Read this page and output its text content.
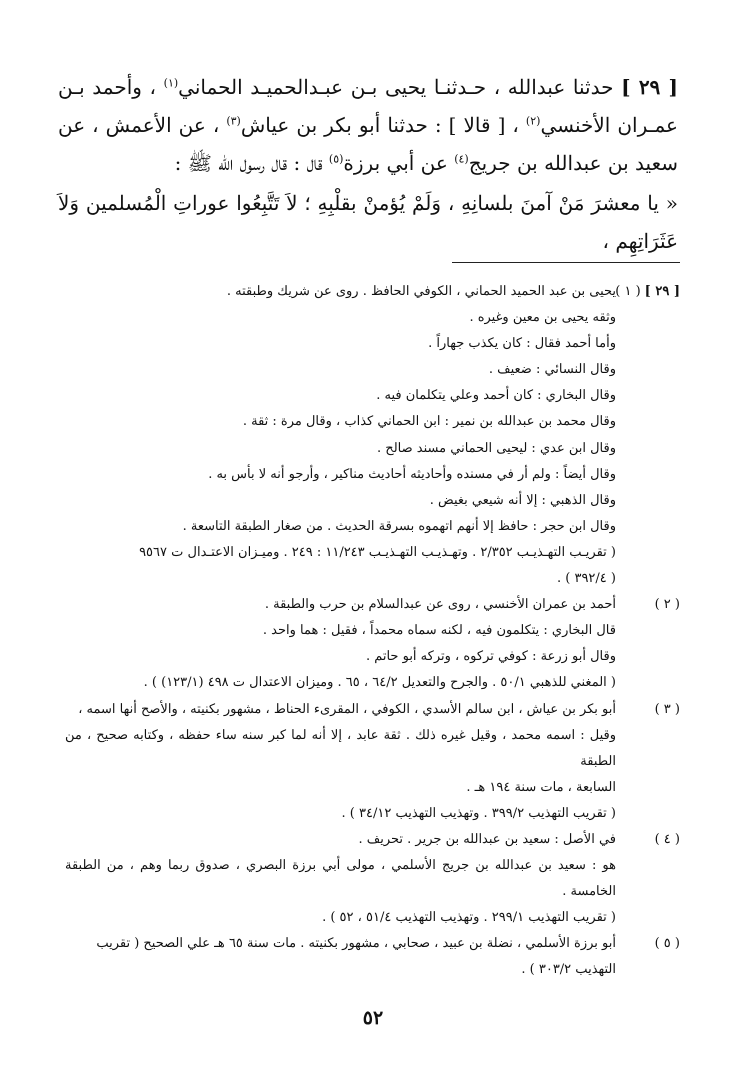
[ ٢٩ ] حدثنا عبدالله ، حـدثنـا يحيى بـن عبـدالحميـد الحماني$^{(١)}$ ، وأحمد بـن عمـران الأخنسي$^{(٢)}$ ، [ قالا ] : حدثنا أبو بكر بن عياش$^{(٣)}$ ، عن الأعمش ، عن سعيد بن عبدالله بن جريج$^{(٤)}$ عن أبي برزة$^{(٥)}$ قال : قال رسول الله ﷺ :

« يا معشرَ مَنْ آمنَ بلسانِهِ ، وَلَمْ يُؤمنْ بقلْبِهِ ؛ لاَ تَتَّبِعُوا عوراتِ الْمُسلمين وَلاَ عَثَرَاتِهِم ،

[ ٢٩ ]( ١ )
يحيى بن عبد الحميد الحماني ، الكوفي الحافظ . روى عن شريك وطبقته .
وثقه يحيى بن معين وغيره .
وأما أحمد فقال : كان يكذب جهاراً .
وقال النسائي : ضعيف .
وقال البخاري : كان أحمد وعلي يتكلمان فيه .
وقال محمد بن عبدالله بن نمير : ابن الحماني كذاب ، وقال مرة : ثقة .
وقال ابن عدي : ليحيى الحماني مسند صالح .
وقال أيضاً : ولم أر في مسنده وأحاديثه أحاديث مناكير ، وأرجو أنه لا بأس به .
وقال الذهبي : إلا أنه شيعي بغيض .
وقال ابن حجر : حافظ إلا أنهم اتهموه بسرقة الحديث . من صغار الطبقة التاسعة .
( تقريـب التهـذيـب ٢/٣٥٢ . وتهـذيـب التهـذيـب ١١/٢٤٣ : ٢٤٩ . وميـزان الاعتـدال ت ٩٥٦٧
( ٣٩٢/٤ ) .
( ٢ )
أحمد بن عمران الأخنسي ، روى عن عبدالسلام بن حرب والطبقة .
قال البخاري : يتكلمون فيه ، لكنه سماه محمداً ، فقيل : هما واحد .
وقال أبو زرعة : كوفي تركوه ، وتركه أبو حاتم .
( المغني للذهبي ٥٠/١ . والجرح والتعديل ٦٤/٢ ، ٦٥ . وميزان الاعتدال ت ٤٩٨ (١٢٣/١) ) .
( ٣ )
أبو بكر بن عياش ، ابن سالم الأسدي ، الكوفي ، المقرىء الحناط ، مشهور بكنيته ، والأصح أنها اسمه ،
وقيل : اسمه محمد ، وقيل غيره ذلك . ثقة عابد ، إلا أنه لما كبر سنه ساء حفظه ، وكتابه صحيح ، من الطبقة
السابعة ، مات سنة ١٩٤ هـ .
( تقريب التهذيب ٣٩٩/٢ . وتهذيب التهذيب ٣٤/١٢ ) .
( ٤ )
في الأصل : سعيد بن عبدالله بن جرير . تحريف .
هو : سعيد بن عبدالله بن جريج الأسلمي ، مولى أبي برزة البصري ، صدوق ربما وهم ، من الطبقة الخامسة .
( تقريب التهذيب ٢٩٩/١ . وتهذيب التهذيب ٥١/٤ ، ٥٢ ) .
( ٥ )
أبو برزة الأسلمي ، نضلة بن عبيد ، صحابي ، مشهور بكنيته . مات سنة ٦٥ هـ علي الصحيح ( تقريب
التهذيب ٣٠٣/٢ ) .
٥٢
